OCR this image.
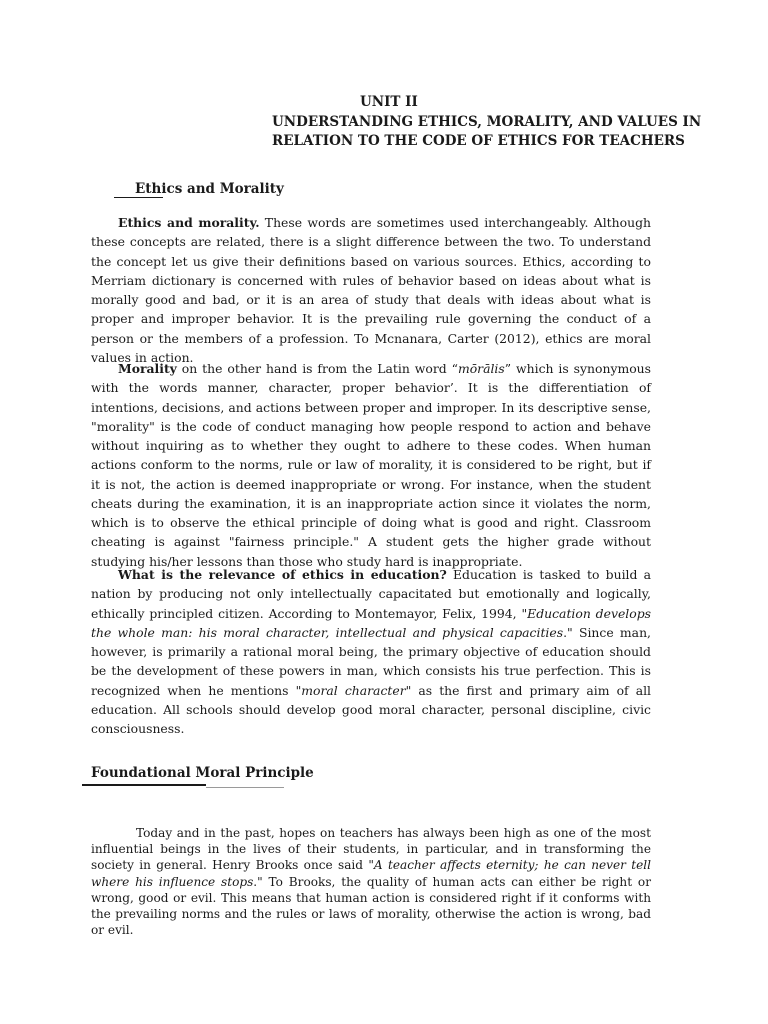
UNIT II
UNDERSTANDING ETHICS, MORALITY, AND VALUES IN
RELATION TO THE CODE OF ETHICS FOR TEACHERS
Ethics and Morality

Ethics and morality. These words are sometimes used interchangeably. Although these concepts are related, there is a slight difference between the two. To understand the concept let us give their definitions based on various sources. Ethics, according to Merriam dictionary is concerned with rules of behavior based on ideas about what is morally good and bad, or it is an area of study that deals with ideas about what is proper and improper behavior. It is the prevailing rule governing the conduct of a person or the members of a profession. To Mcnanara, Carter (2012), ethics are moral values in action.

Morality on the other hand is from the Latin word “mōrālis” which is synonymous with the words manner, character, proper behavior’. It is the differentiation of intentions, decisions, and actions between proper and improper. In its descriptive sense, "morality" is the code of conduct managing how people respond to action and behave without inquiring as to whether they ought to adhere to these codes. When human actions conform to the norms, rule or law of morality, it is considered to be right, but if it is not, the action is deemed inappropriate or wrong. For instance, when the student cheats during the examination, it is an inappropriate action since it violates the norm, which is to observe the ethical principle of doing what is good and right. Classroom cheating is against "fairness principle." A student gets the higher grade without studying his/her lessons than those who study hard is inappropriate.

What is the relevance of ethics in education? Education is tasked to build a nation by producing not only intellectually capacitated but emotionally and logically, ethically principled citizen. According to Montemayor, Felix, 1994, "Education develops the whole man: his moral character, intellectual and physical capacities." Since man, however, is primarily a rational moral being, the primary objective of education should be the development of these powers in man, which consists his true perfection. This is recognized when he mentions "moral character" as the first and primary aim of all education. All schools should develop good moral character, personal discipline, civic consciousness.

Foundational Moral Principle

Today and in the past, hopes on teachers has always been high as one of the most influential beings in the lives of their students, in particular, and in transforming the society in general. Henry Brooks once said "A teacher affects eternity; he can never tell where his influence stops." To Brooks, the quality of human acts can either be right or wrong, good or evil. This means that human action is considered right if it conforms with the prevailing norms and the rules or laws of morality, otherwise the action is wrong, bad or evil.
